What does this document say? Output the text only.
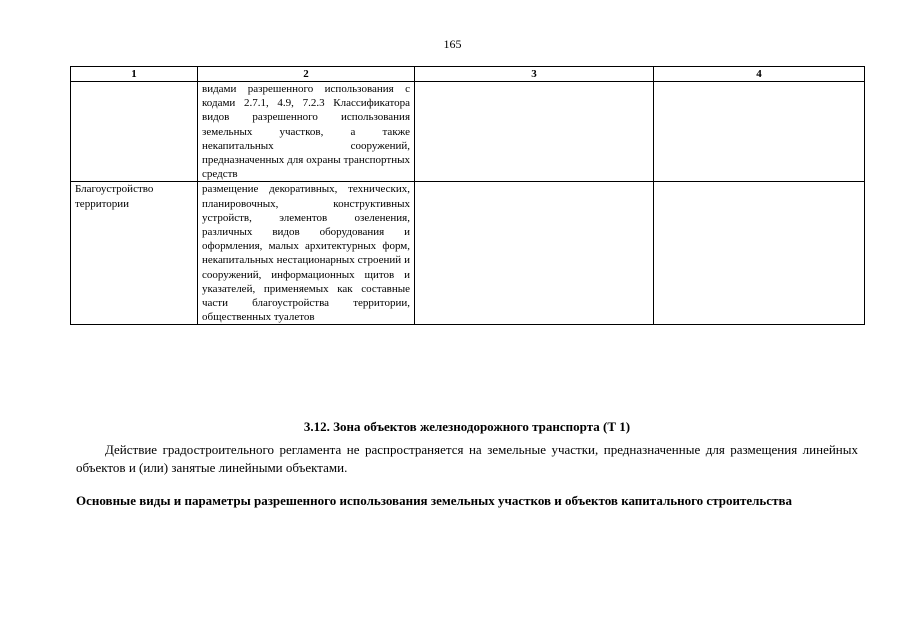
165
1	2	3	4
	видами разрешенного использования с кодами 2.7.1, 4.9, 7.2.3 Классификатора видов разрешенного использования земельных участков, а также некапитальных сооружений, предназначенных для охраны транспортных средств		
Благоустройство территории	размещение декоративных, технических, планировочных, конструктивных устройств, элементов озеленения, различных видов оборудования и оформления, малых архитектурных форм, некапитальных нестационарных строений и сооружений, информационных щитов и указателей, применяемых как составные части благоустройства территории, общественных туалетов		
3.12. Зона объектов железнодорожного транспорта (Т 1)
Действие градостроительного регламента не распространяется на земельные участки, предназначенные для размещения линейных объектов и (или) занятые линейными объектами.
Основные виды и параметры разрешенного использования земельных участков и объектов капитального строительства
